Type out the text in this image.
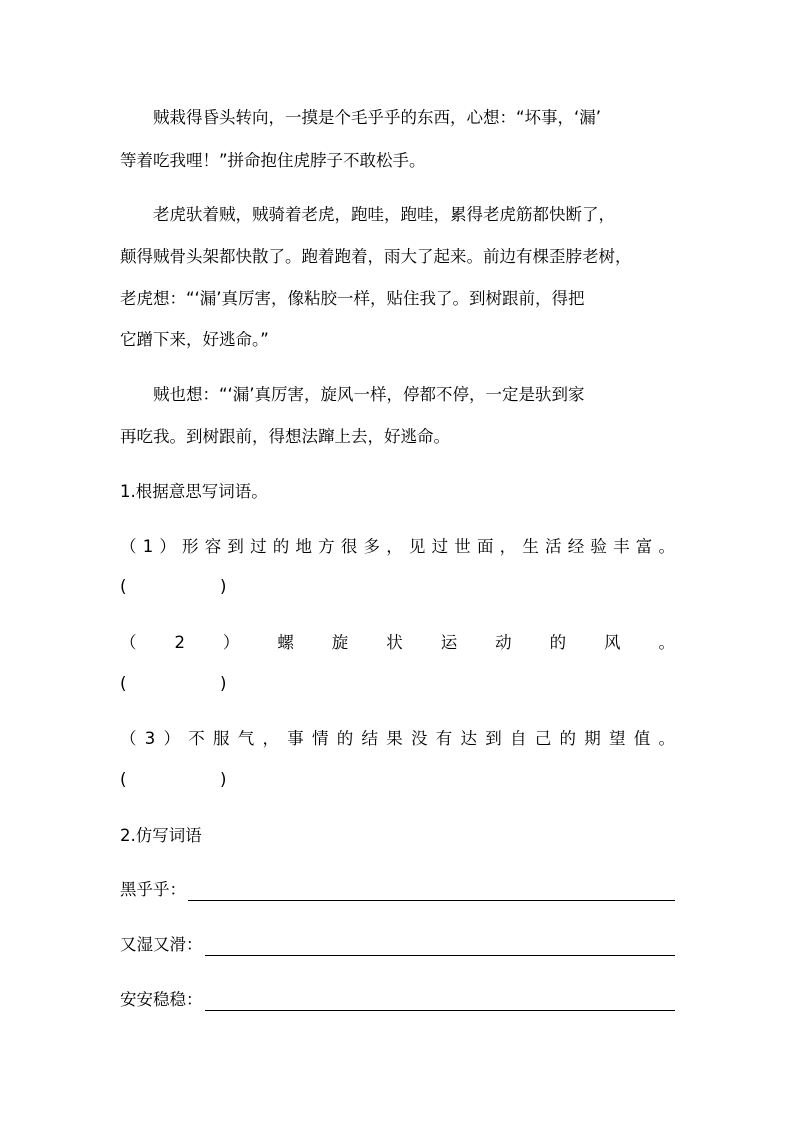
贼栽得昏头转向，一摸是个毛乎乎的东西，心想：“坏事，‘漏’
等着吃我哩！”拼命抱住虎脖子不敢松手。
老虎驮着贼，贼骑着老虎，跑哇，跑哇，累得老虎筋都快断了，
颠得贼骨头架都快散了。跑着跑着，雨大了起来。前边有棵歪脖老树，
老虎想：“‘漏’真厉害，像粘胶一样，贴住我了。到树跟前，得把
它蹭下来，好逃命。”
贼也想：“‘漏’真厉害，旋风一样，停都不停，一定是驮到家
再吃我。到树跟前，得想法蹿上去，好逃命。
1.根据意思写词语。
（1）形容到过的地方很多，见过世面，生活经验丰富。
(	)
（2）螺旋状运动的风。
(	)
（3）不服气，事情的结果没有达到自己的期望值。
(	)
2.仿写词语
黑乎乎：
又湿又滑：
安安稳稳：
